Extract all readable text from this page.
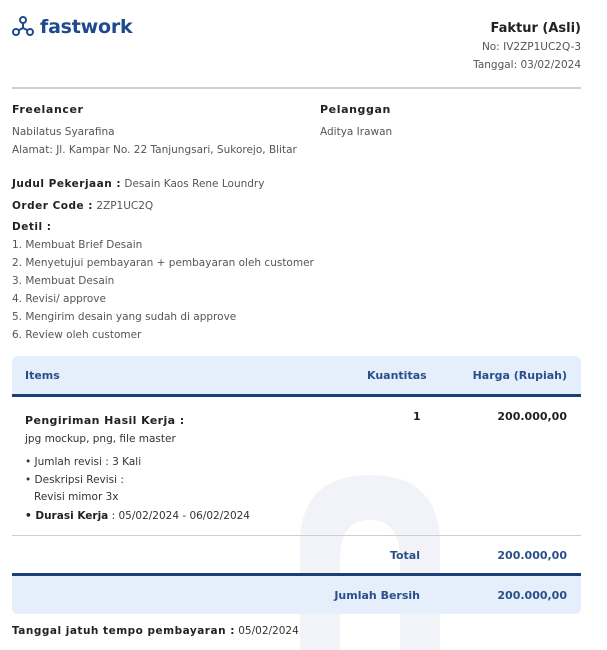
fastwork	Faktur (Asli)
No: IV2ZP1UC2Q-3
Tanggal: 03/02/2024
Freelancer
Nabilatus Syarafina
Alamat: Jl. Kampar No. 22 Tanjungsari, Sukorejo, Blitar
Pelanggan
Aditya Irawan
Judul Pekerjaan : Desain Kaos Rene Loundry
Order Code : 2ZP1UC2Q
Detil :
1. Membuat Brief Desain
2. Menyetujui pembayaran + pembayaran oleh customer
3. Membuat Desain
4. Revisi/ approve
5. Mengirim desain yang sudah di approve
6. Review oleh customer
Items	Kuantitas	Harga (Rupiah)
Pengiriman Hasil Kerja :
jpg mockup, png, file master
• Jumlah revisi : 3 Kali
• Deskripsi Revisi :
Revisi mimor 3x
• Durasi Kerja : 05/02/2024 - 06/02/2024
1	200.000,00
Total	200.000,00
Jumlah Bersih	200.000,00
Tanggal jatuh tempo pembayaran : 05/02/2024
